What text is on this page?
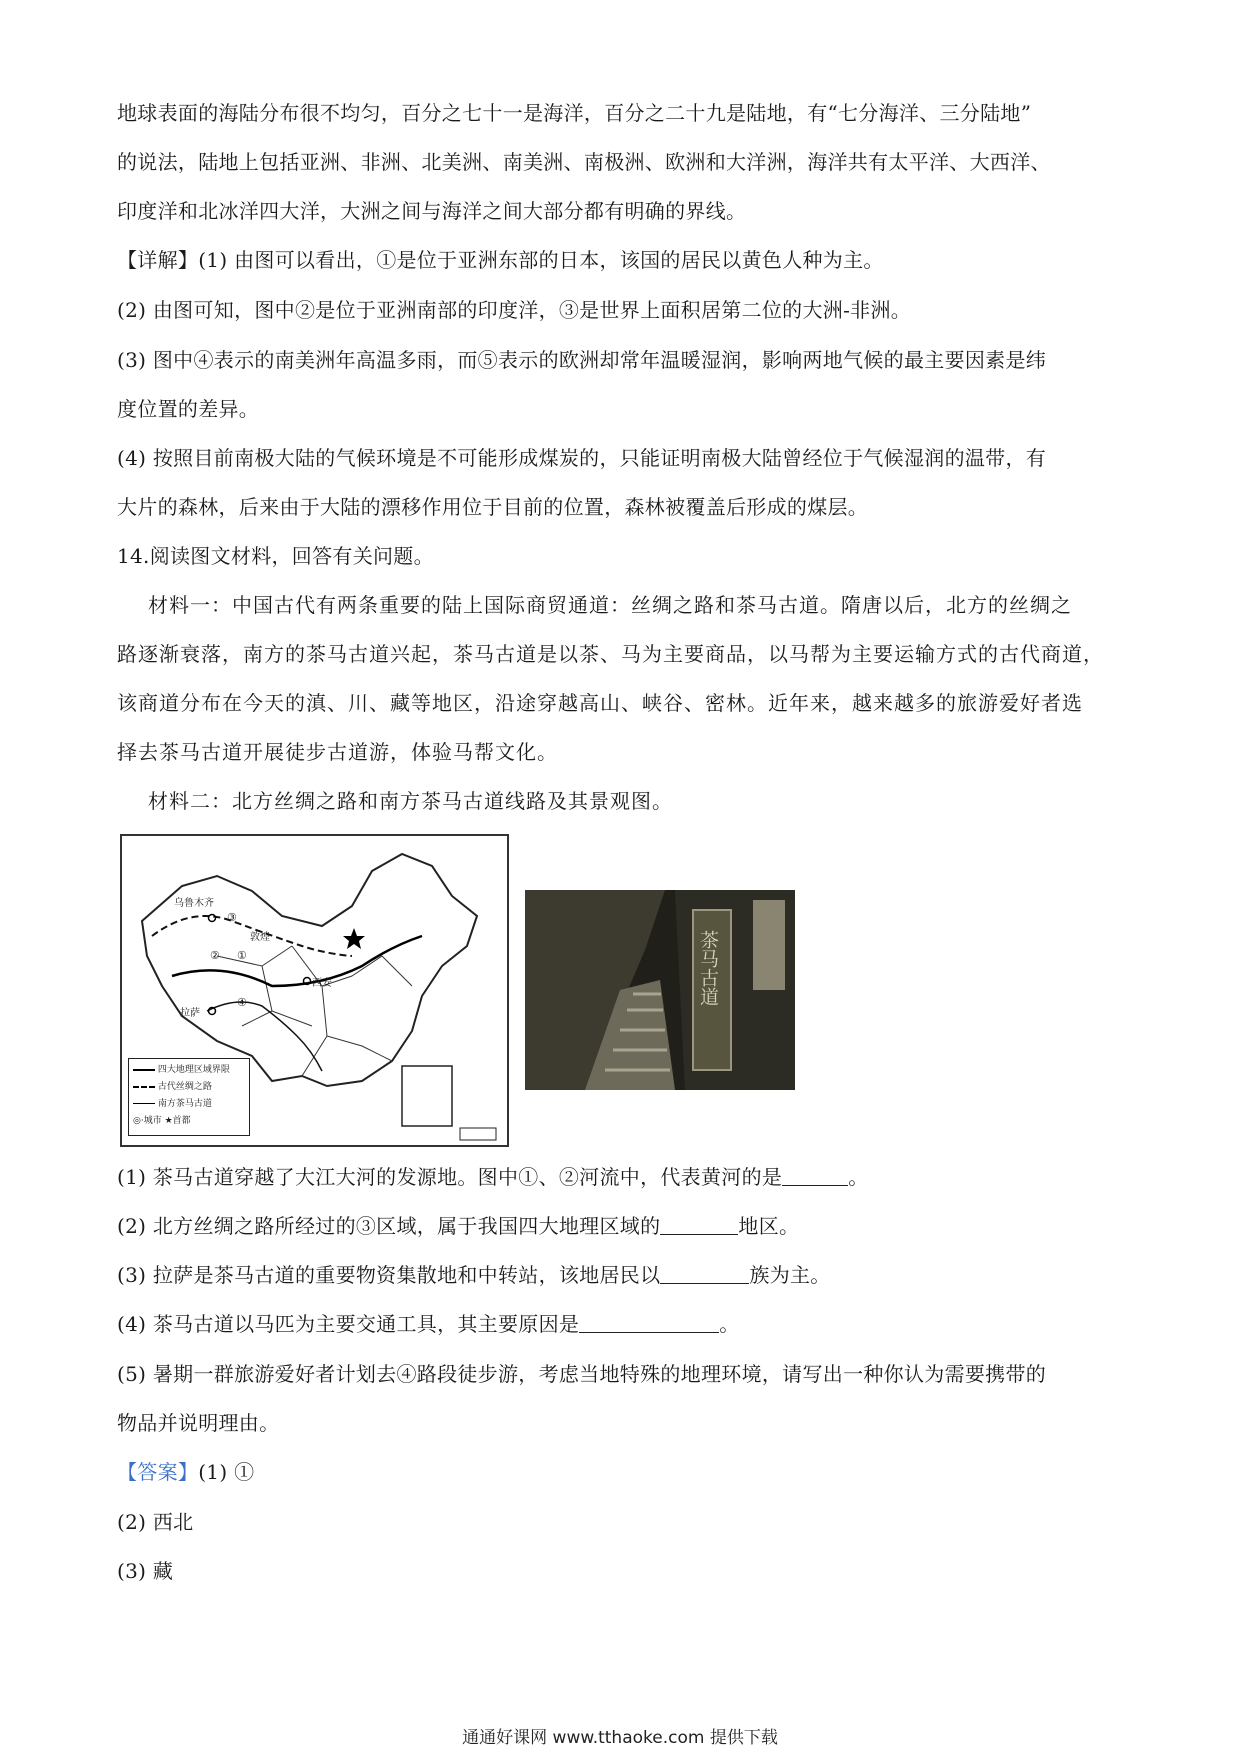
地球表面的海陆分布很不均匀，百分之七十一是海洋，百分之二十九是陆地，有“七分海洋、三分陆地”
的说法，陆地上包括亚洲、非洲、北美洲、南美洲、南极洲、欧洲和大洋洲，海洋共有太平洋、大西洋、
印度洋和北冰洋四大洋，大洲之间与海洋之间大部分都有明确的界线。
【详解】(1) 由图可以看出，①是位于亚洲东部的日本，该国的居民以黄色人种为主。
(2) 由图可知，图中②是位于亚洲南部的印度洋，③是世界上面积居第二位的大洲-非洲。
(3) 图中④表示的南美洲年高温多雨，而⑤表示的欧洲却常年温暖湿润，影响两地气候的最主要因素是纬
度位置的差异。
(4) 按照目前南极大陆的气候环境是不可能形成煤炭的，只能证明南极大陆曾经位于气候湿润的温带，有
大片的森林，后来由于大陆的漂移作用位于目前的位置，森林被覆盖后形成的煤层。
14.阅读图文材料，回答有关问题。
材料一：中国古代有两条重要的陆上国际商贸通道：丝绸之路和茶马古道。隋唐以后，北方的丝绸之
路逐渐衰落，南方的茶马古道兴起，茶马古道是以茶、马为主要商品，以马帮为主要运输方式的古代商道，
该商道分布在今天的滇、川、藏等地区，沿途穿越高山、峡谷、密林。近年来，越来越多的旅游爱好者选
择去茶马古道开展徒步古道游，体验马帮文化。
材料二：北方丝绸之路和南方茶马古道线路及其景观图。
乌鲁木齐
敦煌
拉萨
西安
③
② ①
④
四大地理区域界限
古代丝绸之路
南方茶马古道
◎·城市 ★首都
茶马古道
(1) 茶马古道穿越了大江大河的发源地。图中①、②河流中，代表黄河的是	。
(2) 北方丝绸之路所经过的③区域，属于我国四大地理区域的	地区。
(3) 拉萨是茶马古道的重要物资集散地和中转站，该地居民以	族为主。
(4) 茶马古道以马匹为主要交通工具，其主要原因是	。
(5) 暑期一群旅游爱好者计划去④路段徒步游，考虑当地特殊的地理环境，请写出一种你认为需要携带的
物品并说明理由。
【答案】(1) ①
(2) 西北
(3) 藏
通通好课网 www.tthaoke.com 提供下载
